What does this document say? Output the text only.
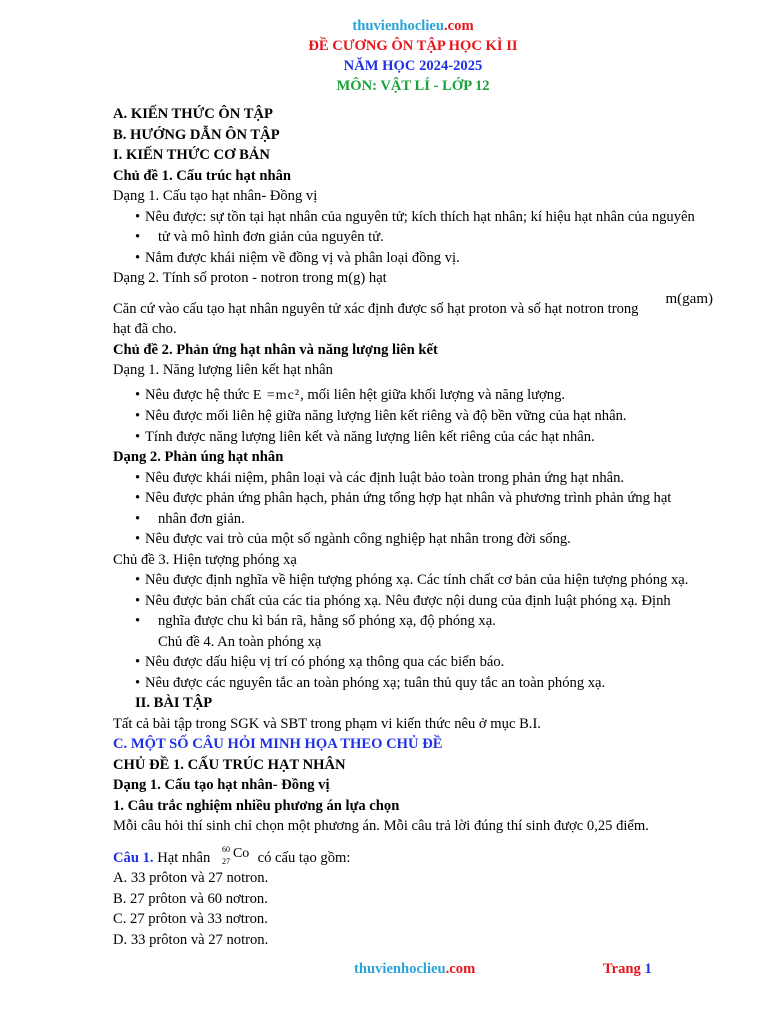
thuvienhoclieu.com
ĐỀ CƯƠNG ÔN TẬP HỌC KÌ II
NĂM HỌC 2024-2025
MÔN: VẬT LÍ - LỚP 12

A. KIẾN THỨC ÔN TẬP

B. HƯỚNG DẪN ÔN TẬP

I. KIẾN THỨC CƠ BẢN

Chủ đề 1. Cấu trúc hạt nhân

Dạng 1. Cấu tạo hạt nhân- Đồng vị

• Nêu được: sự tồn tại hạt nhân của nguyên tử; kích thích hạt nhân; kí hiệu hạt nhân của nguyên
• tử và mô hình đơn giản của nguyên tử.
• Nắm được khái niệm về đồng vị và phân loại đồng vị.

Dạng 2. Tính số proton - notron trong m(g) hạt

Căn cứ vào cấu tạo hạt nhân nguyên tử xác định được số hạt proton và số hạt notron trong
m(gam)

hạt đã cho.

Chủ đề 2. Phản ứng hạt nhân và năng lượng liên kết

Dạng 1. Năng lượng liên kết hạt nhân

• Nêu được hệ thức E =mc², mối liên hệt giữa khối lượng và năng lượng.
• Nêu được mối liên hệ giữa năng lượng liên kết riêng và độ bền vững của hạt nhân.
• Tính được năng lượng liên kết và năng lượng liên kết riêng của các hạt nhân.

Dạng 2. Phản úng hạt nhân

• Nêu được khái niệm, phân loại và các định luật bảo toàn trong phản ứng hạt nhân.
• Nêu được phản ứng phân hạch, phản ứng tổng hợp hạt nhân và phương trình phản ứng hạt
• nhân đơn giản.
• Nêu được vai trò của một số ngành công nghiệp hạt nhân trong đời sống.

Chủ đề 3. Hiện tượng phóng xạ

• Nêu được định nghĩa về hiện tượng phóng xạ. Các tính chất cơ bản của hiện tượng phóng xạ.
• Nêu được bản chất của các tia phóng xạ. Nêu được nội dung của định luật phóng xạ. Định
• nghĩa được chu kì bán rã, hằng số phóng xạ, độ phóng xạ.

Chủ đề 4. An toàn phóng xạ

• Nêu được dấu hiệu vị trí có phóng xạ thông qua các biển báo.
• Nêu được các nguyên tắc an toàn phóng xạ; tuân thủ quy tắc an toàn phóng xạ.

II. BÀI TẬP

Tất cả bài tập trong SGK và SBT trong phạm vi kiến thức nêu ở mục B.I.

C. MỘT SỐ CÂU HỎI MINH HỌA THEO CHỦ ĐỀ

CHỦ ĐỀ 1. CẤU TRÚC HẠT NHÂN

Dạng 1. Cấu tạo hạt nhân- Đồng vị

1. Câu trắc nghiệm nhiều phương án lựa chọn

Mỗi câu hỏi thí sinh chỉ chọn một phương án. Mỗi câu trả lời đúng thí sinh được 0,25 điểm.

Câu 1. Hạt nhân
60
27
Co có cấu tạo gồm:

A. 33 prôton và 27 notron.

B. 27 prôton và 60 nơtron.

C. 27 prôton và 33 nơtron.

D. 33 prôton và 27 notron.

thuvienhoclieu.com	Trang 1
